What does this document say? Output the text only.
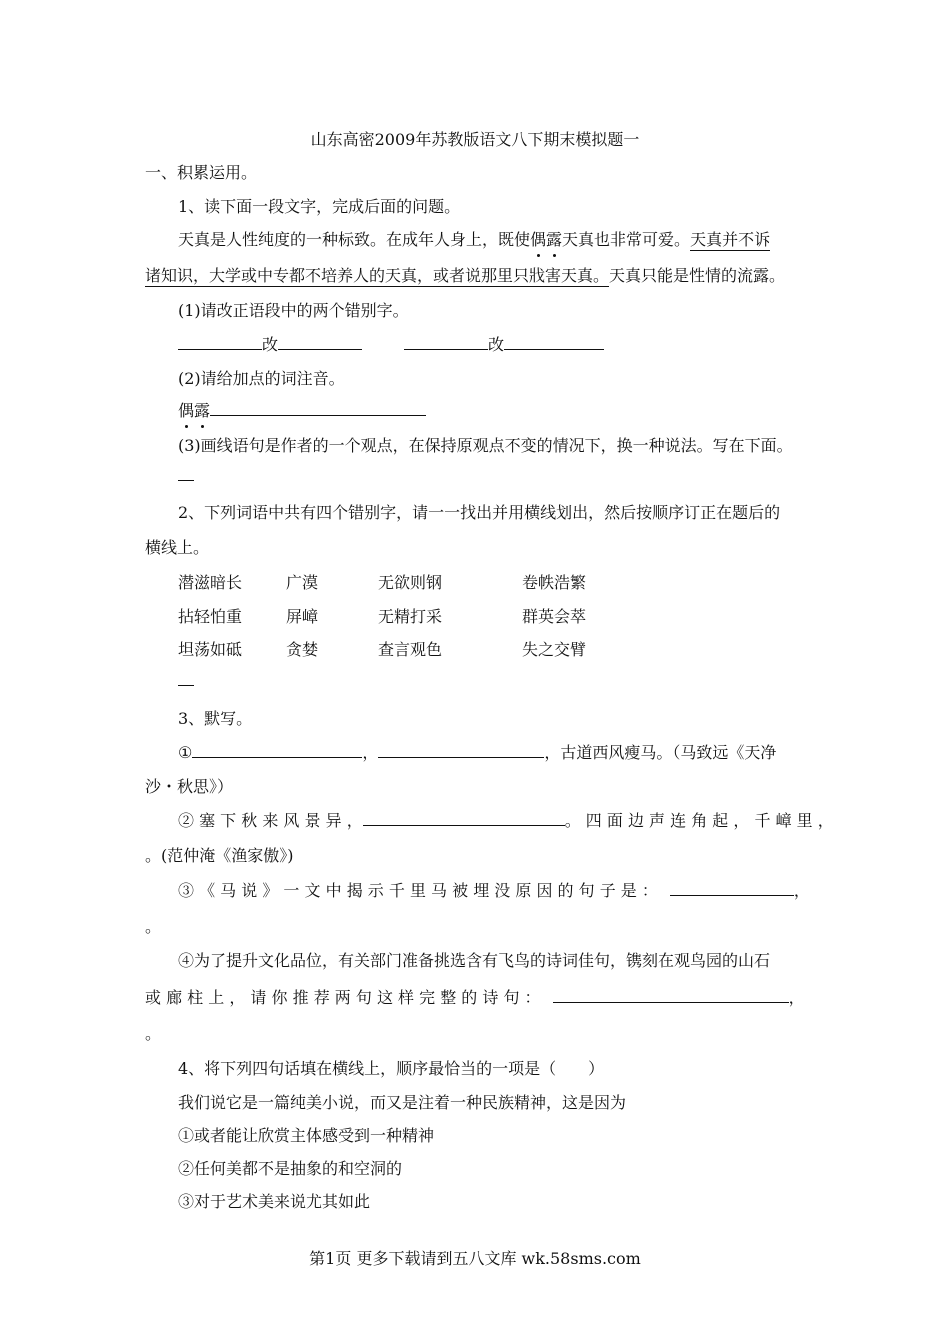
山东高密2009年苏教版语文八下期末模拟题一
一、积累运用。
1、读下面一段文字，完成后面的问题。
天真是人性纯度的一种标致。在成年人身上，既使偶露天真也非常可爱。天真并不诉
诸知识，大学或中专都不培养人的天真，或者说那里只戕害天真。天真只能是性情的流露。
(1)请改正语段中的两个错别字。
改	改
(2)请给加点的词注音。
偶露
(3)画线语句是作者的一个观点，在保持原观点不变的情况下，换一种说法。写在下面。
2、下列词语中共有四个错别字，请一一找出并用横线划出，然后按顺序订正在题后的
横线上。
潜滋暗长	广漠	无欲则钢	卷帙浩繁
拈轻怕重	屏嶂	无精打采	群英会萃
坦荡如砥	贪婪	查言观色	失之交臂
3、默写。
①	，	，古道西风瘦马。（马致远《天净
沙・秋思》）
② 塞 下 秋 来 风 景 异 ，	。 四 面 边 声 连 角 起 ， 千 嶂 里 ，
。(范仲淹《渔家傲》)
③ 《 马 说 》 一 文 中 揭 示 千 里 马 被 埋 没 原 因 的 句 子 是 ：	，
。
④为了提升文化品位，有关部门准备挑选含有飞鸟的诗词佳句，镌刻在观鸟园的山石
或 廊 柱 上 ， 请 你 推 荐 两 句 这 样 完 整 的 诗 句 ：	，
。
4、将下列四句话填在横线上，顺序最恰当的一项是（　　）
我们说它是一篇纯美小说，而又是注着一种民族精神，这是因为
①或者能让欣赏主体感受到一种精神
②任何美都不是抽象的和空洞的
③对于艺术美来说尤其如此
第1页 更多下载请到五八文库 wk.58sms.com
